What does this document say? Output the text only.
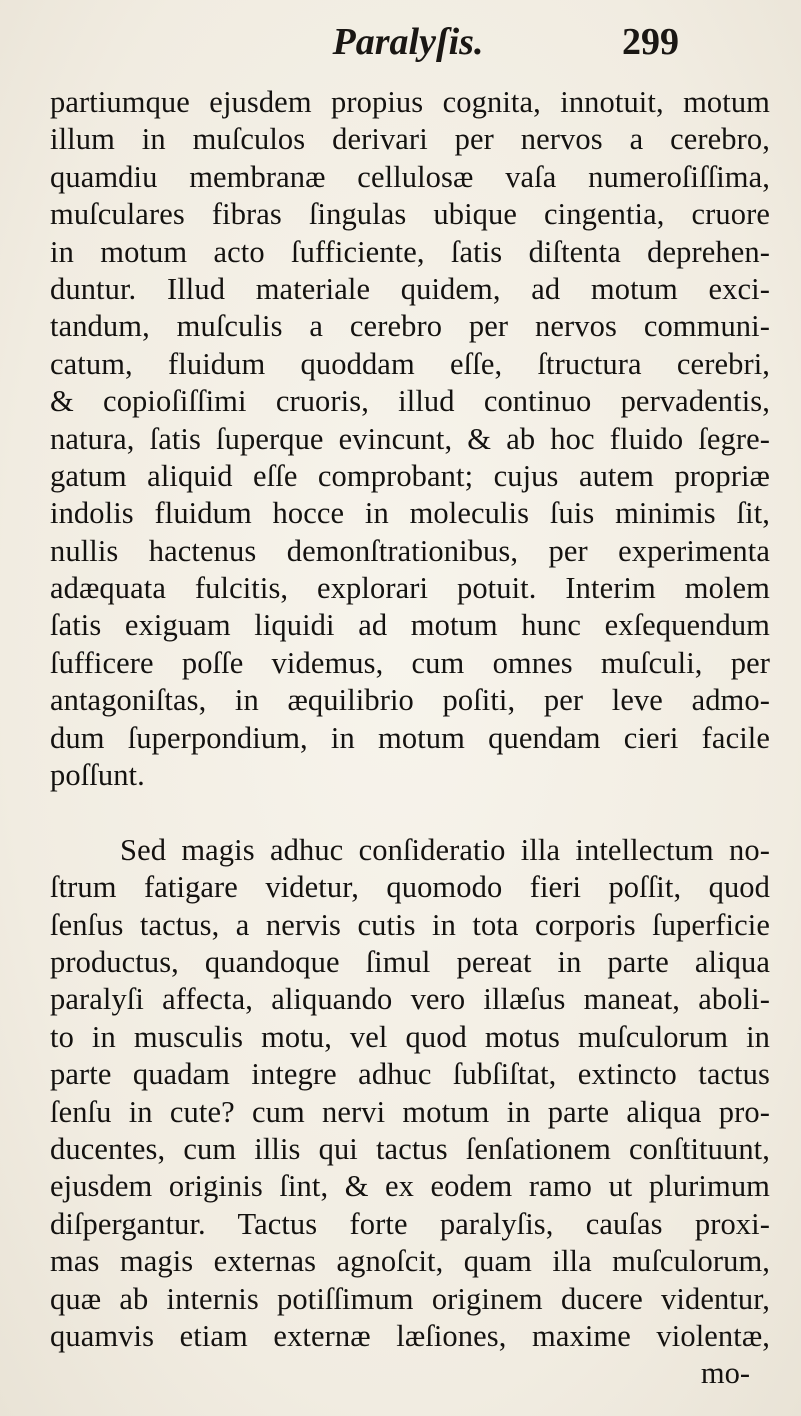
Paralyſis.	299
partiumque ejusdem propius cognita, innotuit, motum
illum in muſculos derivari per nervos a cerebro,
quamdiu membranæ cellulosæ vaſa numeroſiſſima,
muſculares fibras ſingulas ubique cingentia, cruore
in motum acto ſufficiente, ſatis diſtenta deprehen-
duntur. Illud materiale quidem, ad motum exci-
tandum, muſculis a cerebro per nervos communi-
catum, fluidum quoddam eſſe, ſtructura cerebri,
& copioſiſſimi cruoris, illud continuo pervadentis,
natura, ſatis ſuperque evincunt, & ab hoc fluido ſegre-
gatum aliquid eſſe comprobant; cujus autem propriæ
indolis fluidum hocce in moleculis ſuis minimis ſit,
nullis hactenus demonſtrationibus, per experimenta
adæquata fulcitis, explorari potuit. Interim molem
ſatis exiguam liquidi ad motum hunc exſequendum
ſufficere poſſe videmus, cum omnes muſculi, per
antagoniſtas, in æquilibrio poſiti, per leve admo-
dum ſuperpondium, in motum quendam cieri facile
poſſunt.
Sed magis adhuc conſideratio illa intellectum no-
ſtrum fatigare videtur, quomodo fieri poſſit, quod
ſenſus tactus, a nervis cutis in tota corporis ſuperficie
productus, quandoque ſimul pereat in parte aliqua
paralyſi affecta, aliquando vero illæſus maneat, aboli-
to in musculis motu, vel quod motus muſculorum in
parte quadam integre adhuc ſubſiſtat, extincto tactus
ſenſu in cute? cum nervi motum in parte aliqua pro-
ducentes, cum illis qui tactus ſenſationem conſtituunt,
ejusdem originis ſint, & ex eodem ramo ut plurimum
diſpergantur. Tactus forte paralyſis, cauſas proxi-
mas magis externas agnoſcit, quam illa muſculorum,
quæ ab internis potiſſimum originem ducere videntur,
quamvis etiam externæ læſiones, maxime violentæ,
mo-
